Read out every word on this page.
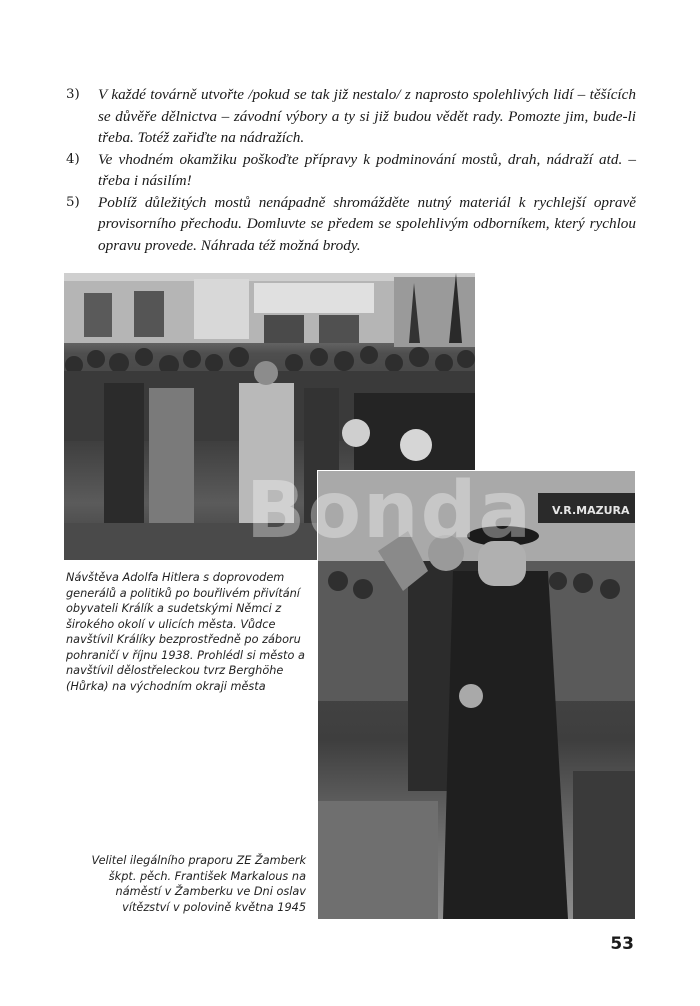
3)	V každé továrně utvořte /pokud se tak již nestalo/ z naprosto spolehlivých lidí – těšících se důvěře dělnictva – závodní výbory a ty si již budou vědět rady. Pomozte jim, bude-li třeba. Totéž zařiďte na nádražích.
4)	Ve vhodném okamžiku poškoďte přípravy k podminování mostů, drah, nádraží atd. – třeba i násilím!
5)	Poblíž důležitých mostů nenápadně shromážděte nutný materiál k rychlejší opravě provisorního přechodu. Domluvte se předem se spolehlivým odborníkem, který rychlou opravu provede. Náhrada též možná brody.
V.R.MAZURA
Bonda
Návštěva Adolfa Hitlera s doprovodem generálů a politiků po bouřlivém přivítání obyvateli Králík a sudetskými Němci z širokého okolí v ulicích města. Vůdce navštívil Králíky bezprostředně po záboru pohraničí v říjnu 1938. Prohlédl si město a navštívil dělostřeleckou tvrz Berghöhe (Hůrka) na východním okraji města
Velitel ilegálního praporu ZE Žamberk škpt. pěch. František Markalous na náměstí v Žamberku ve Dni oslav vítězství v polovině května 1945
53
